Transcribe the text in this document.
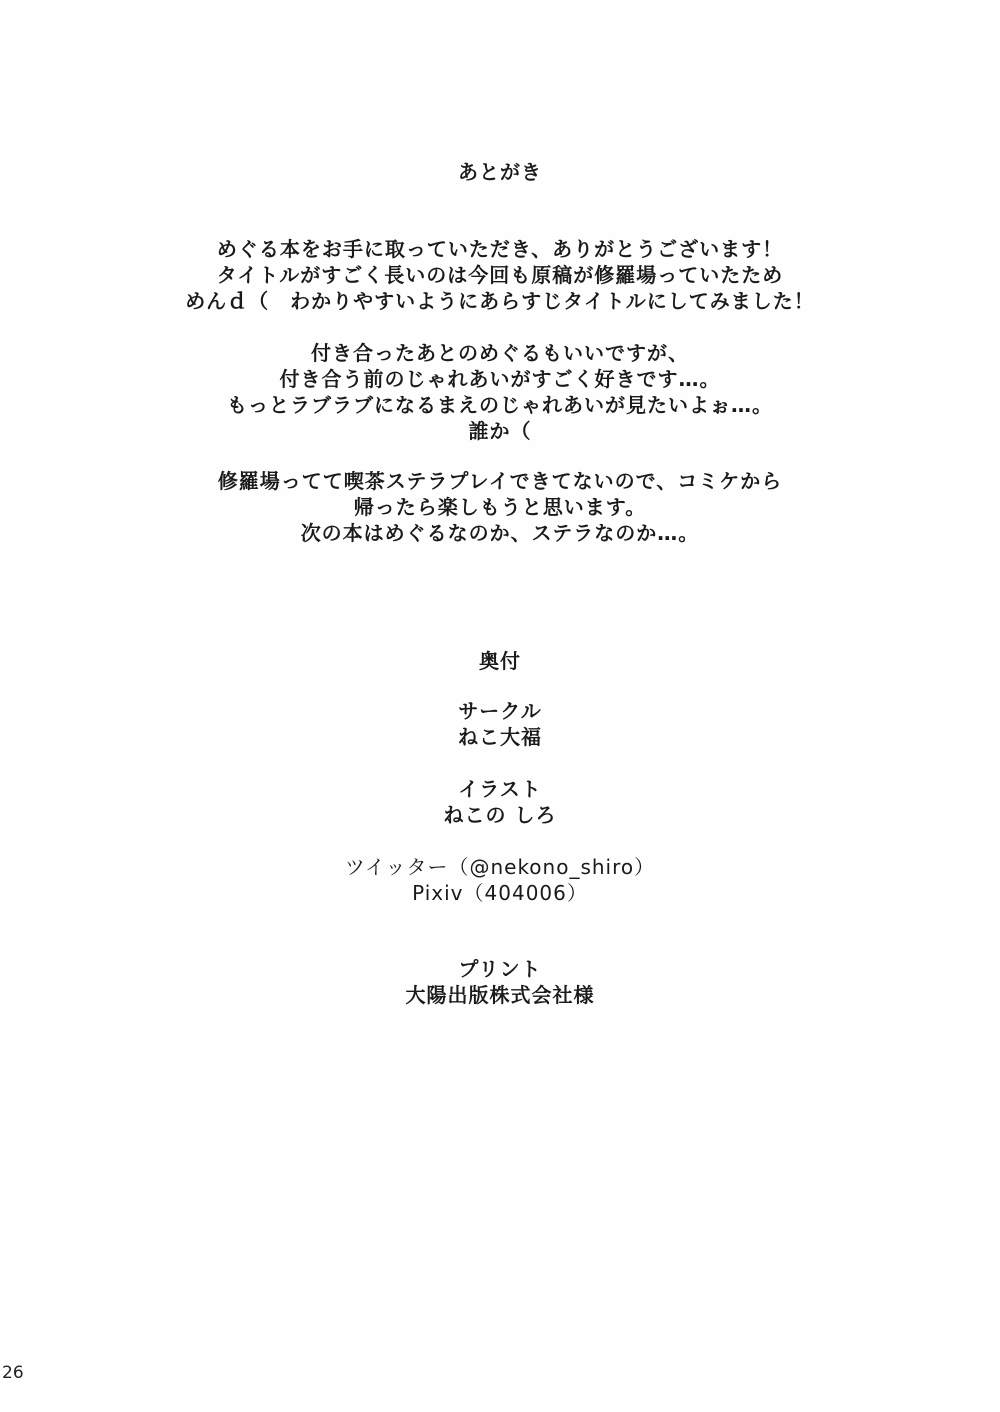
あとがき
めぐる本をお手に取っていただき、ありがとうございます！
タイトルがすごく長いのは今回も原稿が修羅場っていたため
めんｄ（　わかりやすいようにあらすじタイトルにしてみました！
付き合ったあとのめぐるもいいですが、
付き合う前のじゃれあいがすごく好きです…。
もっとラブラブになるまえのじゃれあいが見たいよぉ…。
誰か（
修羅場ってて喫茶ステラプレイできてないので、コミケから
帰ったら楽しもうと思います。
次の本はめぐるなのか、ステラなのか…。
奥付
サークル
ねこ大福
イラスト
ねこの しろ
ツイッター（@nekono_shiro）
Pixiv（404006）
プリント
大陽出版株式会社様
26
